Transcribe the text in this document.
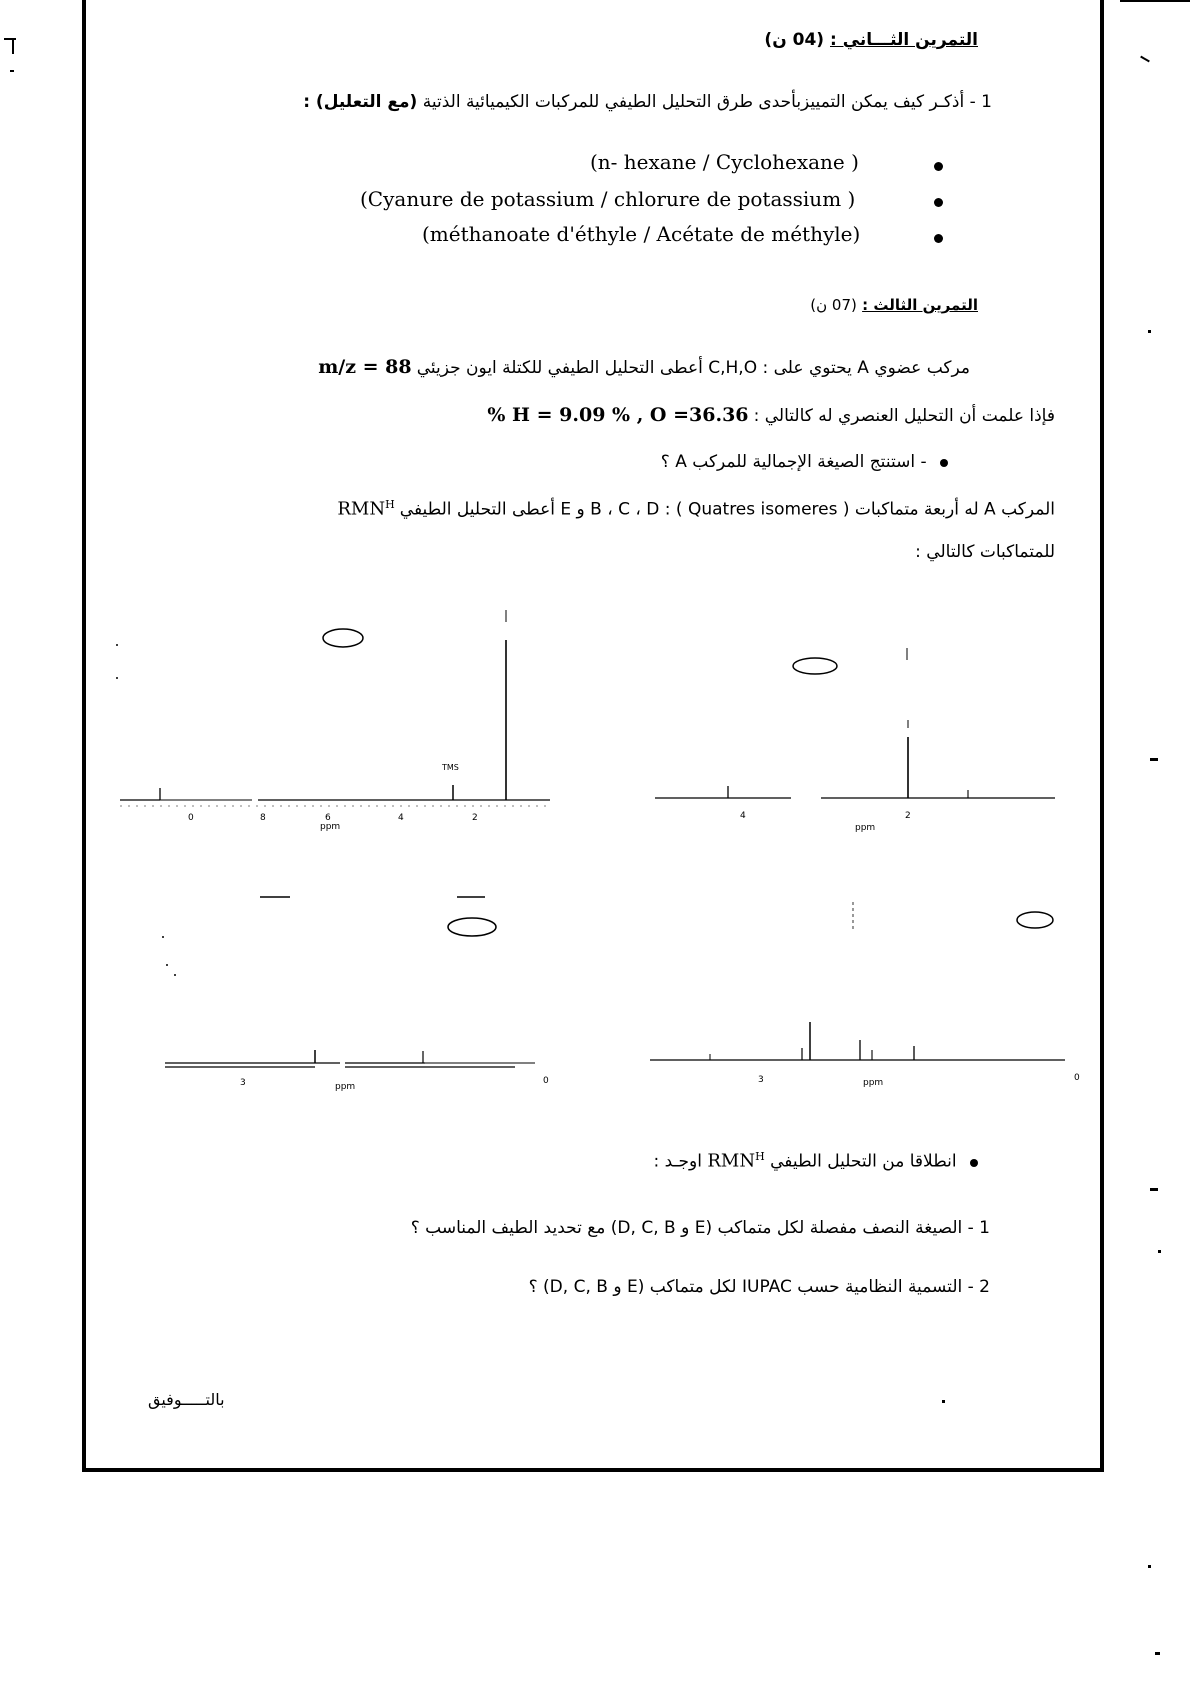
التمرين الثـــاني : (04 ن)
1 - أذكـر كيف يمكن التمييزبأحدى طرق التحليل الطيفي للمركبات الكيميائية الذتية (مع التعليل) :
(n- hexane / Cyclohexane )
(Cyanure de potassium / chlorure de potassium )
(méthanoate d'éthyle / Acétate de méthyle)
التمرين الثالث : (07 ن)
مركب عضوي A يحتوي على : C,H,O أعطى التحليل الطيفي للكتلة ايون جزيئي m/z = 88
فإذا علمت أن التحليل العنصري له كالتالي : H = 9.09 % , O =36.36 %
- استنتج الصيغة الإجمالية للمركب A ؟
المركب A له أربعة متماكبات ( Quatres isomeres ) : B ، C ، D و E أعطى التحليل الطيفي $RMN^H$
للمتماكبات كالتالي :
TMS
0	8	6	4	2
ppm
4	2
ppm
3	0
ppm
3	0
ppm
انطلاقا من التحليل الطيفي $RMN^H$ اوجـد :
1 - الصيغة النصف مفصلة لكل متماكب (E و D, C, B) مع تحديد الطيف المناسب ؟
2 - التسمية النظامية حسب IUPAC لكل متماكب (E و D, C, B) ؟
بالتـــــوفيق
